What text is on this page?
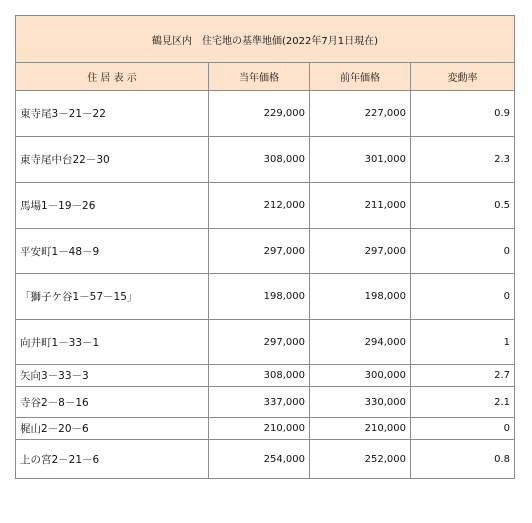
鶴見区内　住宅地の基準地価(2022年7月1日現在)			
住 居 表 示	当年価格	前年価格	変動率
東寺尾3－21－22	229,000	227,000	0.9
東寺尾中台22－30	308,000	301,000	2.3
馬場1－19－26	212,000	211,000	0.5
平安町1－48－9	297,000	297,000	0
「獅子ケ谷1－57－15」	198,000	198,000	0
向井町1－33－1	297,000	294,000	1
矢向3－33－3	308,000	300,000	2.7
寺谷2－8－16	337,000	330,000	2.1
梶山2－20－6	210,000	210,000	0
上の宮2－21－6	254,000	252,000	0.8
